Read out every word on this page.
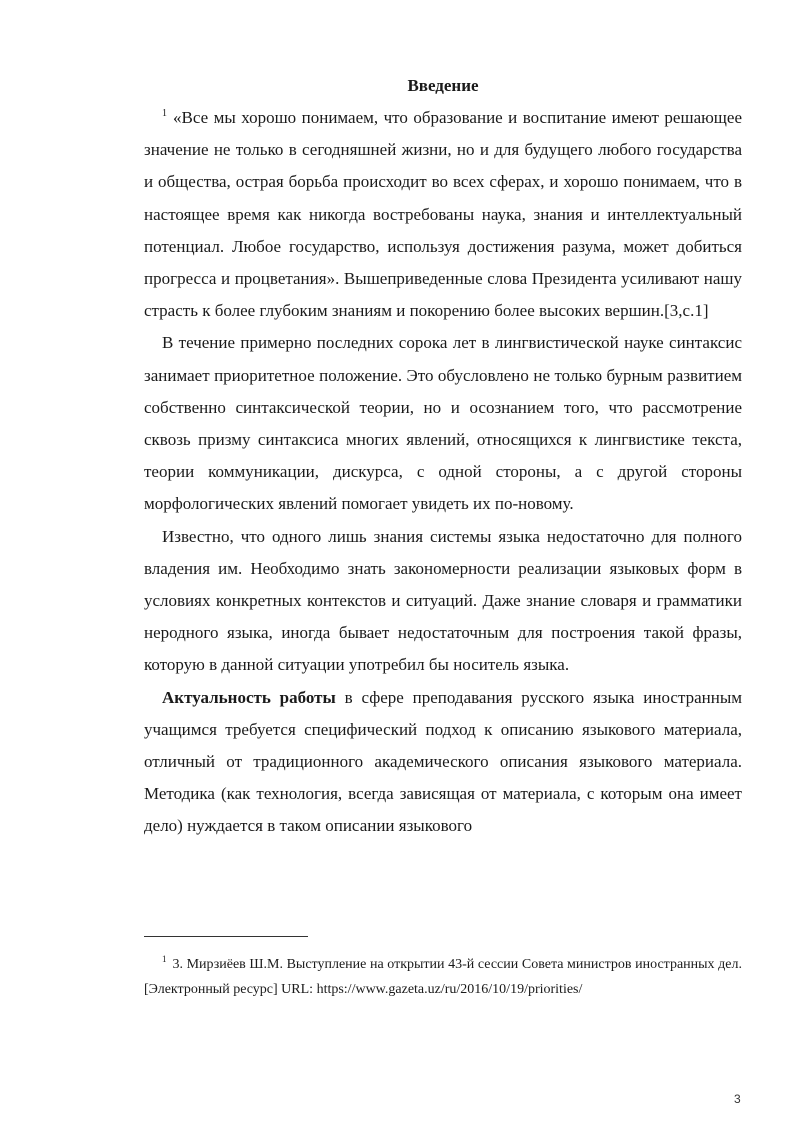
Введение

$^1$ «Все мы хорошо понимаем, что образование и воспитание имеют решающее значение не только в сегодняшней жизни, но и для будущего любого государства и общества, острая борьба происходит во всех сферах, и хорошо понимаем, что в настоящее время как никогда востребованы наука, знания и интеллектуальный потенциал. Любое государство, используя достижения разума, может добиться прогресса и процветания». Вышеприведенные слова Президента усиливают нашу страсть к более глубоким знаниям и покорению более высоких вершин.[3,с.1]

В течение примерно последних сорока лет в лингвистической науке синтаксис занимает приоритетное положение. Это обусловлено не только бурным развитием собственно синтаксической теории, но и осознанием того, что рассмотрение сквозь призму синтаксиса многих явлений, относящихся к лингвистике текста, теории коммуникации, дискурса, с одной стороны, а с другой стороны морфологических явлений помогает увидеть их по-новому.

Известно, что одного лишь знания системы языка недостаточно для полного владения им. Необходимо знать закономерности реализации языковых форм в условиях конкретных контекстов и ситуаций. Даже знание словаря и грамматики неродного языка, иногда бывает недостаточным для построения такой фразы, которую в данной ситуации употребил бы носитель языка.

Актуальность работы в сфере преподавания русского языка иностранным учащимся требуется специфический подход к описанию языкового материала, отличный от традиционного академического описания языкового материала. Методика (как технология, всегда зависящая от материала, с которым она имеет дело) нуждается в таком описании языкового

$^1$ 3. Мирзиёев Ш.М. Выступление на открытии 43-й сессии Совета министров иностранных дел. [Электронный ресурс] URL: https://www.gazeta.uz/ru/2016/10/19/priorities/

3
